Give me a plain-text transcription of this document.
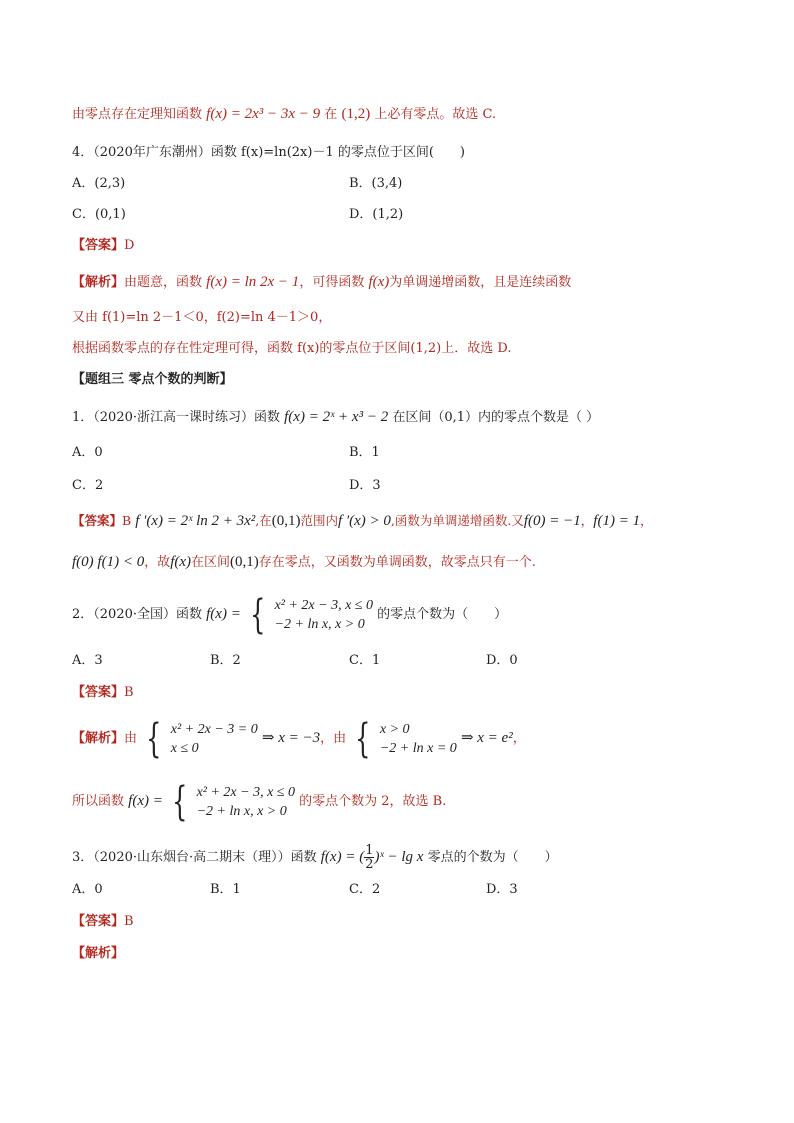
由零点存在定理知函数 f(x) = 2x³ − 3x − 9 在 (1,2) 上必有零点。故选 C.
4．（2020年广东潮州）函数 f(x)=ln(2x)－1 的零点位于区间(　　)
A．(2,3)	B．(3,4)
C．(0,1)	D．(1,2)
【答案】D
【解析】由题意，函数 f(x) = ln 2x − 1，可得函数 f(x)为单调递增函数，且是连续函数
又由 f(1)=ln 2－1＜0，f(2)=ln 4－1＞0，
根据函数零点的存在性定理可得，函数 f(x)的零点位于区间(1,2)上．故选 D.
【题组三 零点个数的判断】
1．（2020·浙江高一课时练习）函数 f(x) = 2ˣ + x³ − 2 在区间（0,1）内的零点个数是（ ）
A．0	B．1
C．2	D．3
【答案】B f '(x) = 2ˣ ln 2 + 3x²,在(0,1)范围内f '(x) > 0,函数为单调递增函数.又f(0) = −1，f(1) = 1，
f(0) f(1) < 0，故f(x)在区间(0,1)存在零点，又函数为单调函数，故零点只有一个.
2．（2020·全国）函数 f(x) = { x² + 2x − 3, x ≤ 0
−2 + ln x, x > 0
的零点个数为（　　）
A．3	B．2	C．1	D．0
【答案】B
【解析】由 { x² + 2x − 3 = 0
x ≤ 0
⇒ x = −3，由 { x > 0
−2 + ln x = 0
⇒ x = e²，
所以函数 f(x) = { x² + 2x − 3, x ≤ 0
−2 + ln x, x > 0
的零点个数为 2，故选 B.
3．（2020·山东烟台·高二期末（理））函数 f(x) = ( $\frac{1}{2}$ )ˣ − lg x 零点的个数为（　　）
A．0	B．1	C．2	D．3
【答案】B
【解析】
